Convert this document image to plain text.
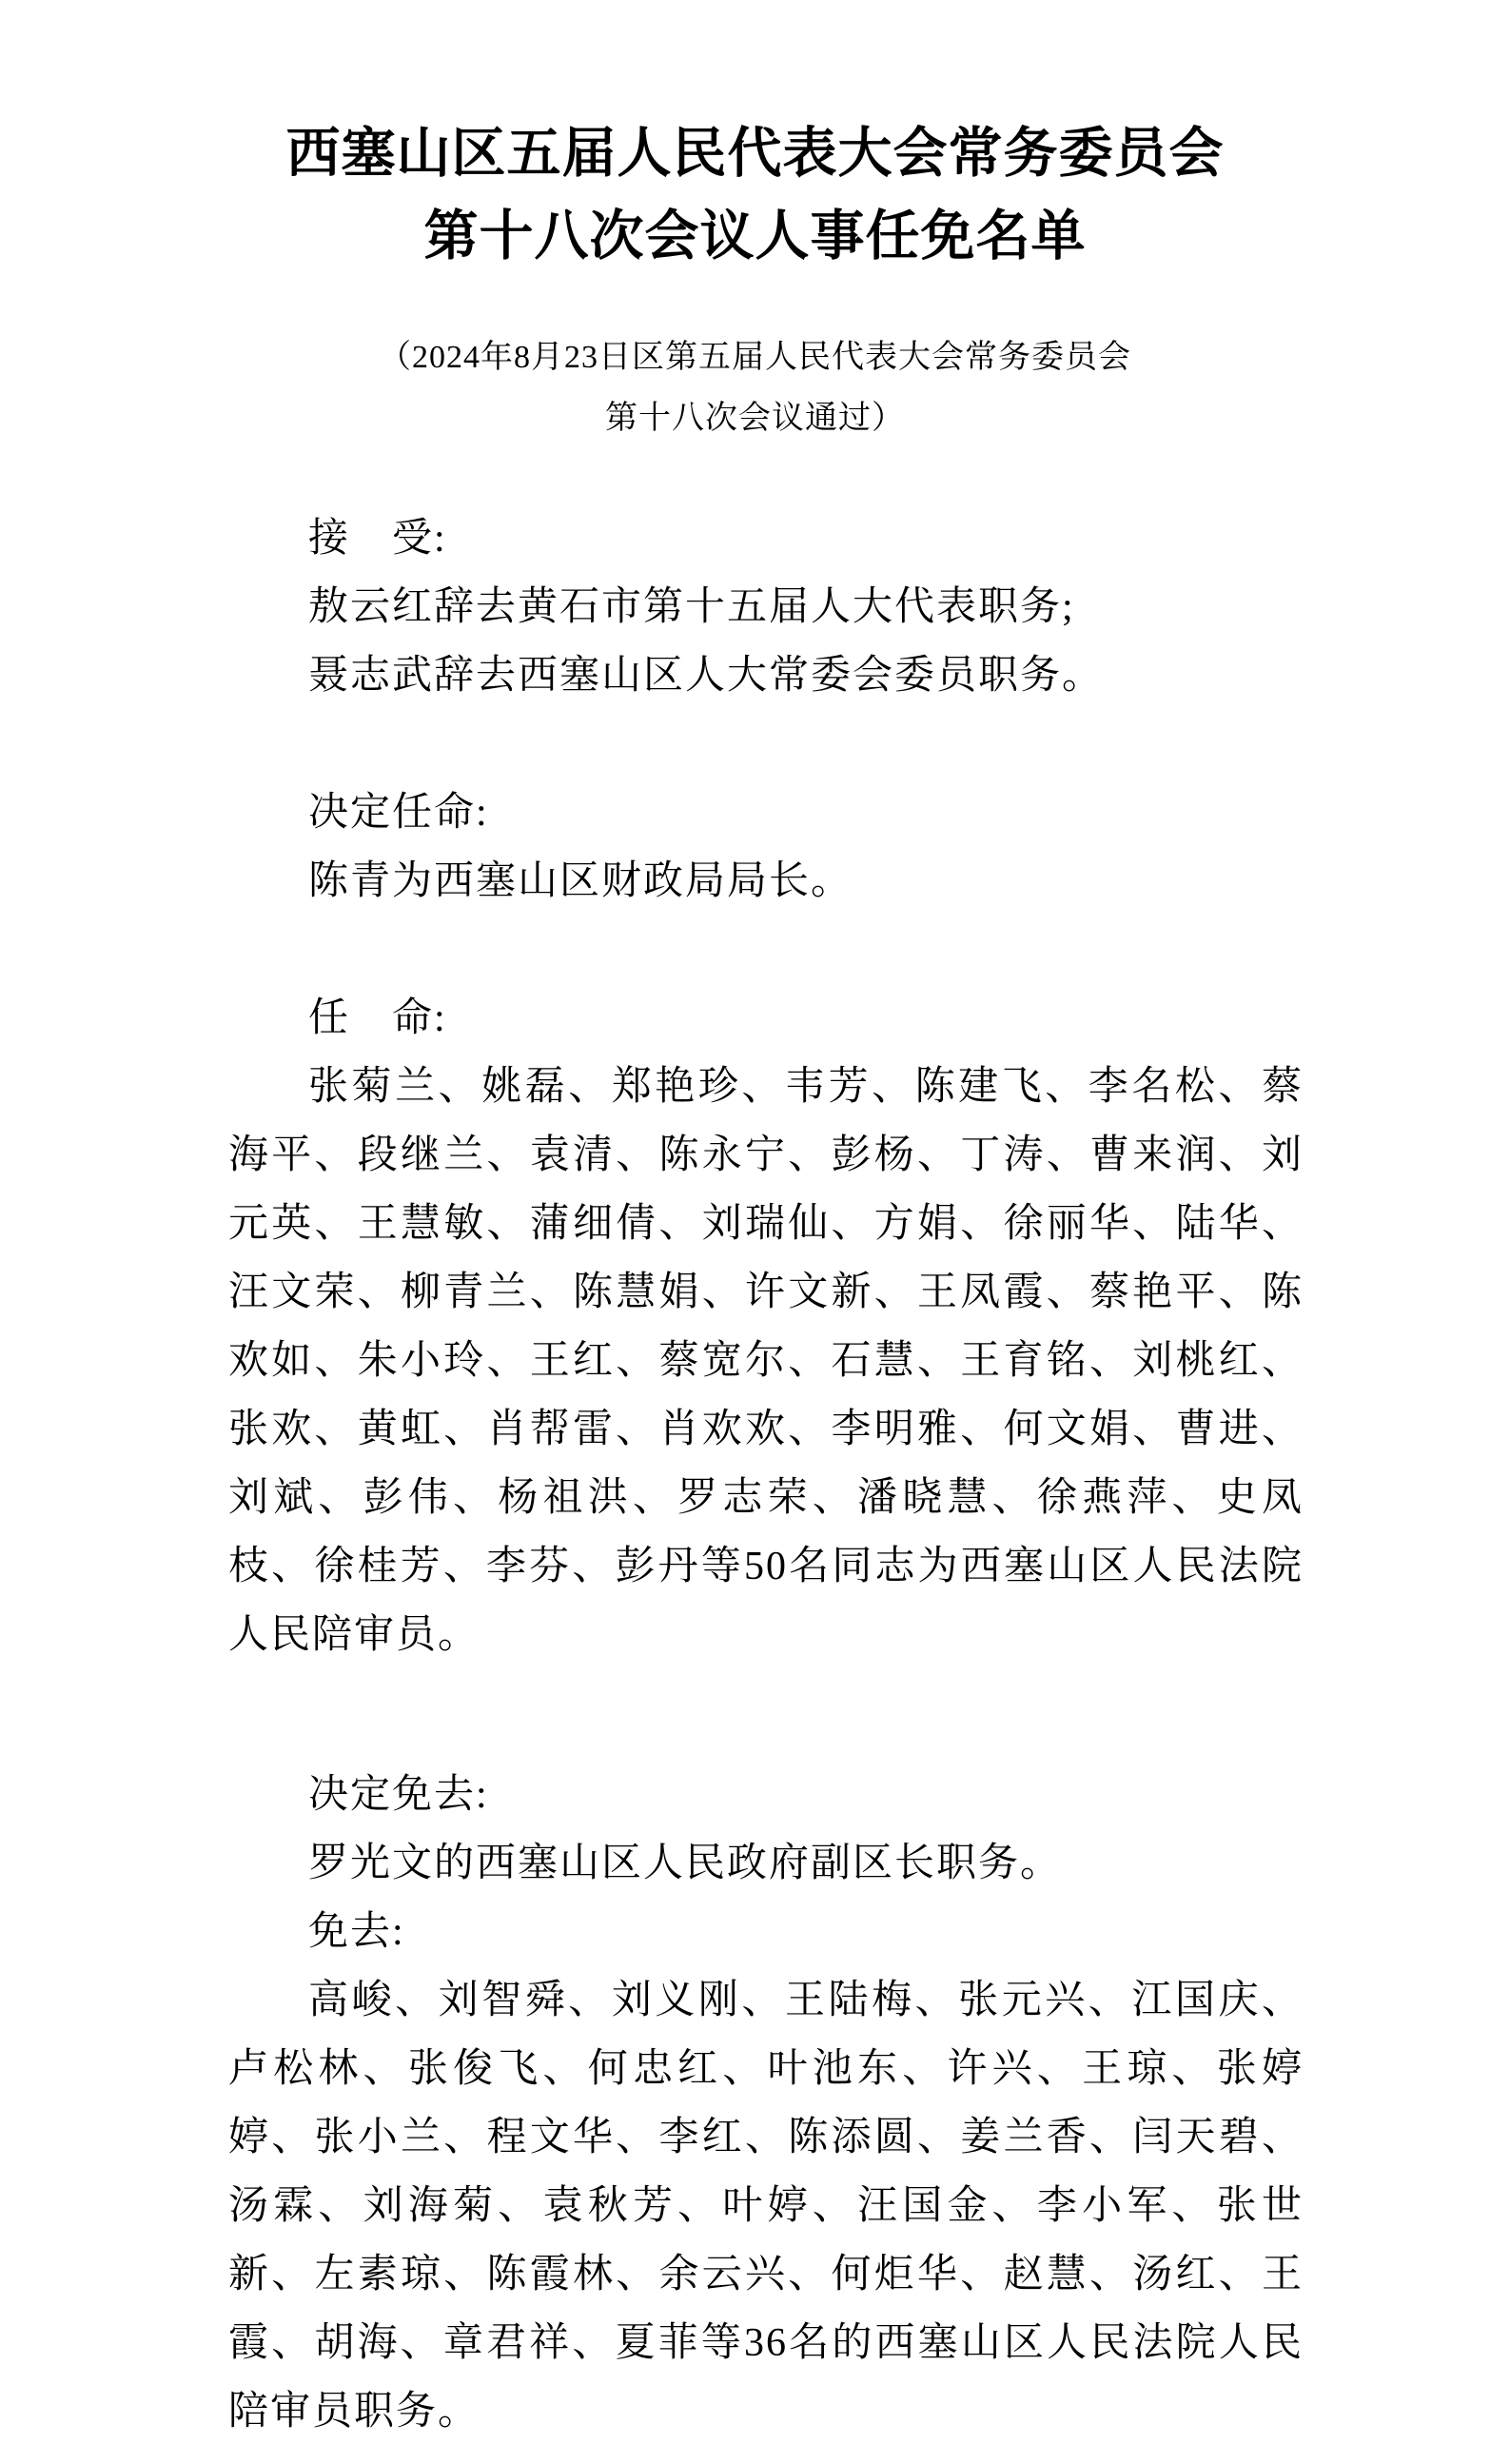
西塞山区五届人民代表大会常务委员会
第十八次会议人事任免名单
（2024年8月23日区第五届人民代表大会常务委员会
第十八次会议通过）

接　受:

敖云红辞去黄石市第十五届人大代表职务;

聂志武辞去西塞山区人大常委会委员职务。

决定任命:

陈青为西塞山区财政局局长。

任　命:

张菊兰、姚磊、郑艳珍、韦芳、陈建飞、李名松、蔡海平、段继兰、袁清、陈永宁、彭杨、丁涛、曹来润、刘元英、王慧敏、蒲细倩、刘瑞仙、方娟、徐丽华、陆华、汪文荣、柳青兰、陈慧娟、许文新、王凤霞、蔡艳平、陈欢如、朱小玲、王红、蔡宽尔、石慧、王育铭、刘桃红、张欢、黄虹、肖帮雷、肖欢欢、李明雅、何文娟、曹进、刘斌、彭伟、杨祖洪、罗志荣、潘晓慧、徐燕萍、史凤枝、徐桂芳、李芬、彭丹等50名同志为西塞山区人民法院人民陪审员。

决定免去:

罗光文的西塞山区人民政府副区长职务。

免去:

高峻、刘智舜、刘义刚、王陆梅、张元兴、江国庆、卢松林、张俊飞、何忠红、叶池东、许兴、王琼、张婷婷、张小兰、程文华、李红、陈添圆、姜兰香、闫天碧、汤霖、刘海菊、袁秋芳、叶婷、汪国金、李小军、张世新、左素琼、陈霞林、余云兴、何炬华、赵慧、汤红、王霞、胡海、章君祥、夏菲等36名的西塞山区人民法院人民陪审员职务。
